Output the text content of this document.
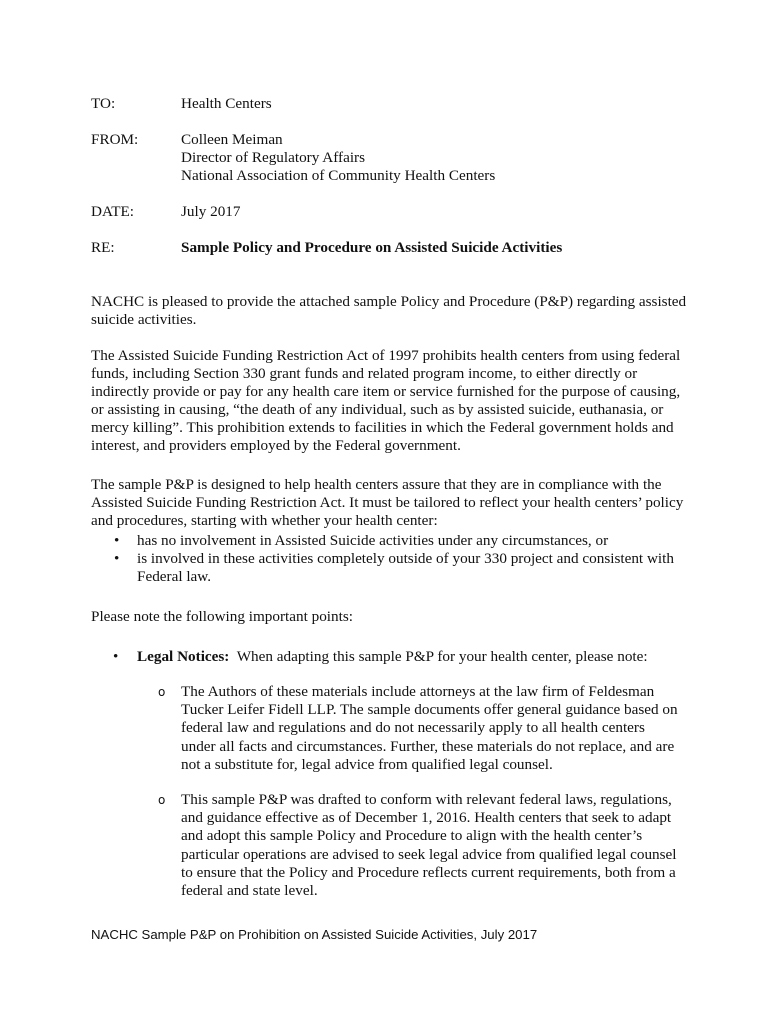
TO:	Health Centers
FROM:	Colleen Meiman
Director of Regulatory Affairs
National Association of Community Health Centers
DATE:	July 2017
RE:	Sample Policy and Procedure on Assisted Suicide Activities

NACHC is pleased to provide the attached sample Policy and Procedure (P&P) regarding assisted suicide activities.

The Assisted Suicide Funding Restriction Act of 1997 prohibits health centers from using federal funds, including Section 330 grant funds and related program income, to either directly or indirectly provide or pay for any health care item or service furnished for the purpose of causing, or assisting in causing, “the death of any individual, such as by assisted suicide, euthanasia, or mercy killing”. This prohibition extends to facilities in which the Federal government holds and interest, and providers employed by the Federal government.

The sample P&P is designed to help health centers assure that they are in compliance with the Assisted Suicide Funding Restriction Act. It must be tailored to reflect your health centers’ policy and procedures, starting with whether your health center:

• has no involvement in Assisted Suicide activities under any circumstances, or
• is involved in these activities completely outside of your 330 project and consistent with Federal law.

Please note the following important points:

• Legal Notices: When adapting this sample P&P for your health center, please note:
o The Authors of these materials include attorneys at the law firm of Feldesman Tucker Leifer Fidell LLP. The sample documents offer general guidance based on federal law and regulations and do not necessarily apply to all health centers under all facts and circumstances. Further, these materials do not replace, and are not a substitute for, legal advice from qualified legal counsel.
o This sample P&P was drafted to conform with relevant federal laws, regulations, and guidance effective as of December 1, 2016. Health centers that seek to adapt and adopt this sample Policy and Procedure to align with the health center’s particular operations are advised to seek legal advice from qualified legal counsel to ensure that the Policy and Procedure reflects current requirements, both from a federal and state level.
NACHC Sample P&P on Prohibition on Assisted Suicide Activities, July 2017
